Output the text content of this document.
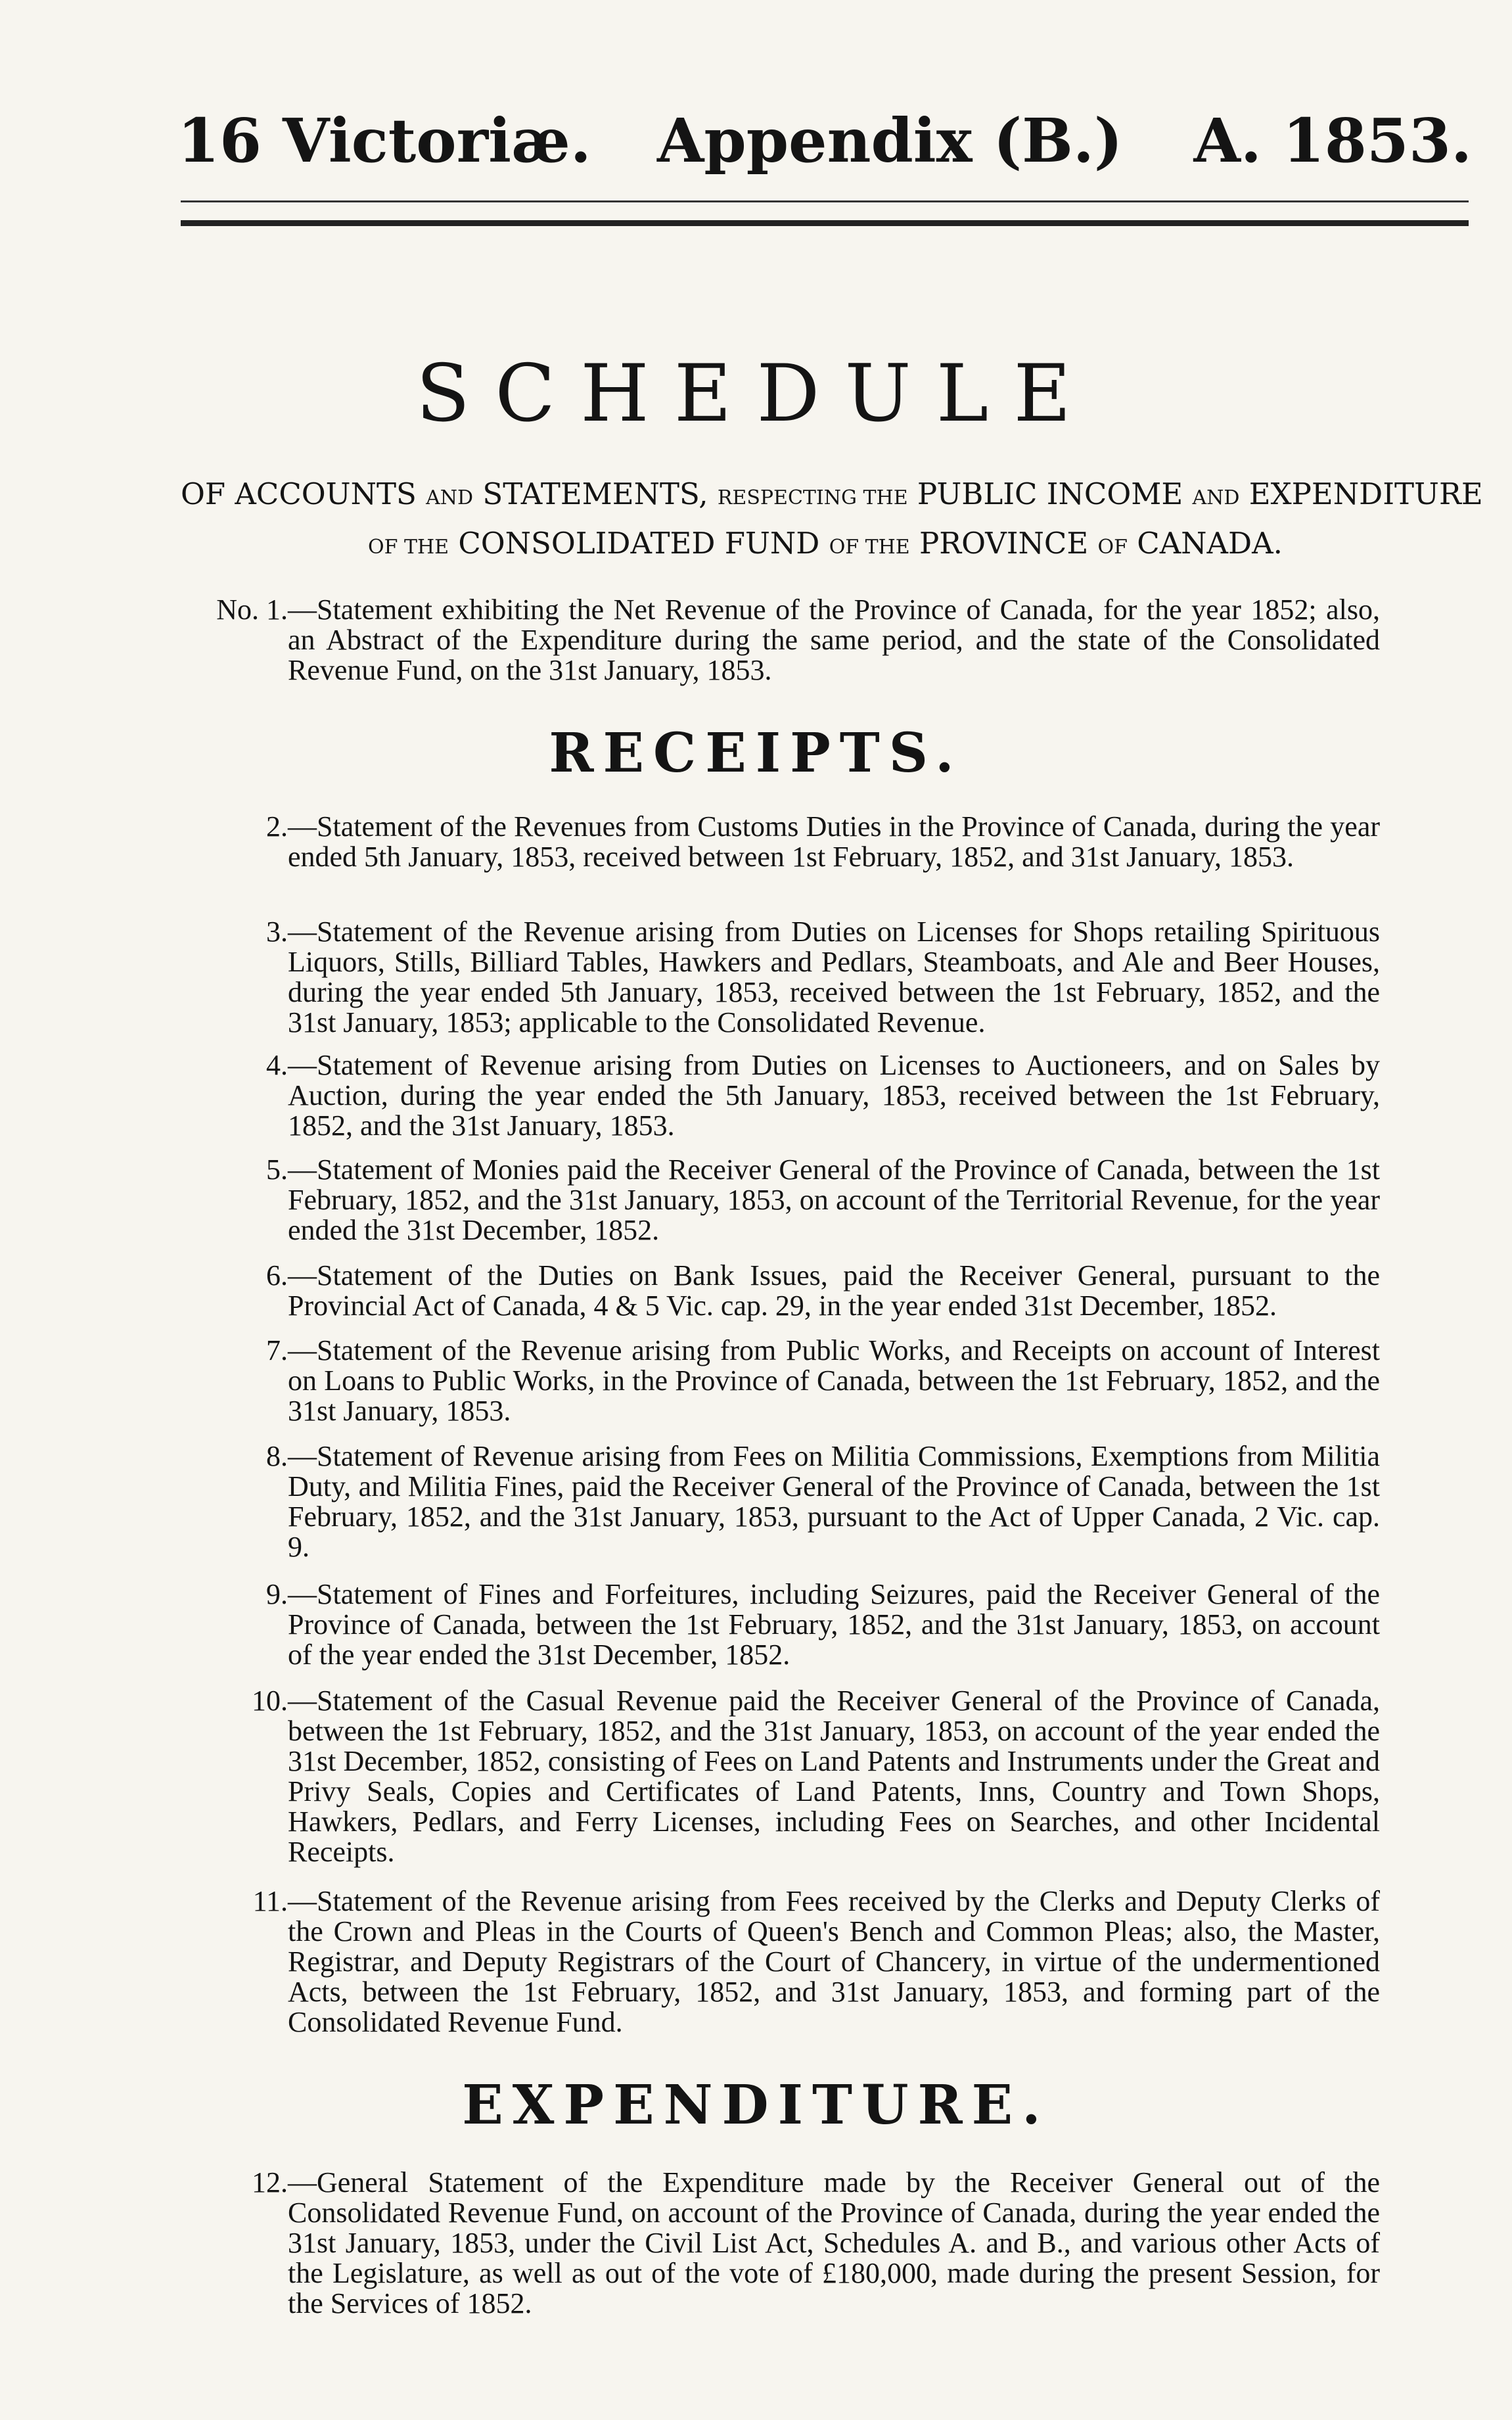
16 Victoriæ. Appendix (B.) A. 1853.
SCHEDULE
OF ACCOUNTS AND STATEMENTS, RESPECTING THE PUBLIC INCOME AND EXPENDITURE
OF THE CONSOLIDATED FUND OF THE PROVINCE OF CANADA.
No. 1. —Statement exhibiting the Net Revenue of the Province of Canada, for the year 1852; also, an Abstract of the Expenditure during the same period, and the state of the Consolidated Revenue Fund, on the 31st January, 1853.
RECEIPTS.
2. —Statement of the Revenues from Customs Duties in the Province of Canada, during the year ended 5th January, 1853, received between 1st February, 1852, and 31st January, 1853.
3. —Statement of the Revenue arising from Duties on Licenses for Shops retailing Spirituous Liquors, Stills, Billiard Tables, Hawkers and Pedlars, Steamboats, and Ale and Beer Houses, during the year ended 5th January, 1853, received between the 1st February, 1852, and the 31st January, 1853; applicable to the Consolidated Revenue.
4. —Statement of Revenue arising from Duties on Licenses to Auctioneers, and on Sales by Auction, during the year ended the 5th January, 1853, received between the 1st February, 1852, and the 31st January, 1853.
5. —Statement of Monies paid the Receiver General of the Province of Canada, between the 1st February, 1852, and the 31st January, 1853, on account of the Territorial Revenue, for the year ended the 31st December, 1852.
6. —Statement of the Duties on Bank Issues, paid the Receiver General, pursuant to the Provincial Act of Canada, 4 & 5 Vic. cap. 29, in the year ended 31st December, 1852.
7. —Statement of the Revenue arising from Public Works, and Receipts on account of Interest on Loans to Public Works, in the Province of Canada, between the 1st February, 1852, and the 31st January, 1853.
8. —Statement of Revenue arising from Fees on Militia Commissions, Exemptions from Militia Duty, and Militia Fines, paid the Receiver General of the Province of Canada, between the 1st February, 1852, and the 31st January, 1853, pursuant to the Act of Upper Canada, 2 Vic. cap. 9.
9. —Statement of Fines and Forfeitures, including Seizures, paid the Receiver General of the Province of Canada, between the 1st February, 1852, and the 31st January, 1853, on account of the year ended the 31st December, 1852.
10. —Statement of the Casual Revenue paid the Receiver General of the Province of Canada, between the 1st February, 1852, and the 31st January, 1853, on account of the year ended the 31st December, 1852, consisting of Fees on Land Patents and Instruments under the Great and Privy Seals, Copies and Certificates of Land Patents, Inns, Country and Town Shops, Hawkers, Pedlars, and Ferry Licenses, including Fees on Searches, and other Incidental Receipts.
11. —Statement of the Revenue arising from Fees received by the Clerks and Deputy Clerks of the Crown and Pleas in the Courts of Queen's Bench and Common Pleas; also, the Master, Registrar, and Deputy Registrars of the Court of Chancery, in virtue of the undermentioned Acts, between the 1st February, 1852, and 31st January, 1853, and forming part of the Consolidated Revenue Fund.
EXPENDITURE.
12. —General Statement of the Expenditure made by the Receiver General out of the Consolidated Revenue Fund, on account of the Province of Canada, during the year ended the 31st January, 1853, under the Civil List Act, Schedules A. and B., and various other Acts of the Legislature, as well as out of the vote of £180,000, made during the present Session, for the Services of 1852.
